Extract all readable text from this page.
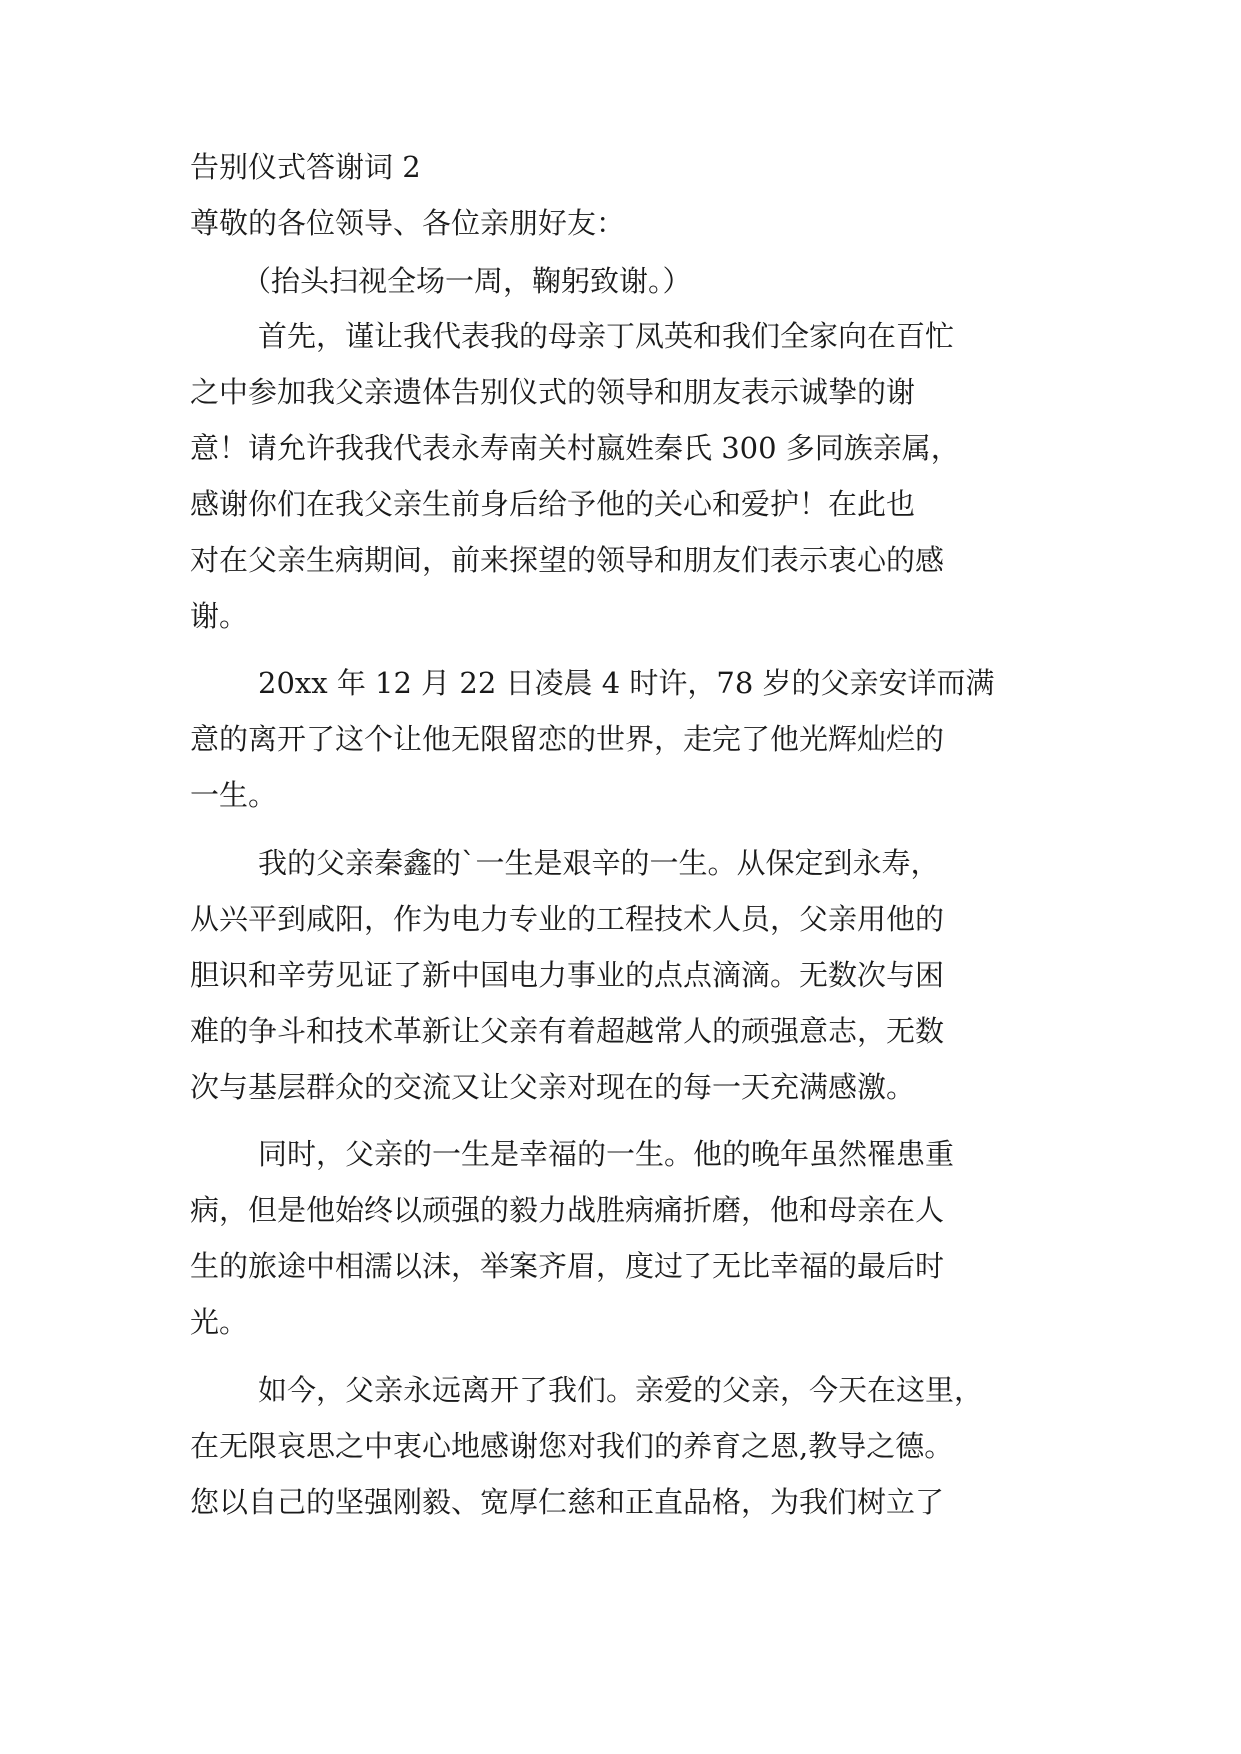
告别仪式答谢词 2
尊敬的各位领导、各位亲朋好友：
（抬头扫视全场一周，鞠躬致谢。）
首先，谨让我代表我的母亲丁凤英和我们全家向在百忙
之中参加我父亲遗体告别仪式的领导和朋友表示诚挚的谢
意！请允许我我代表永寿南关村嬴姓秦氏 300 多同族亲属，
感谢你们在我父亲生前身后给予他的关心和爱护！在此也
对在父亲生病期间，前来探望的领导和朋友们表示衷心的感
谢。
20xx 年 12 月 22 日凌晨 4 时许，78 岁的父亲安详而满
意的离开了这个让他无限留恋的世界，走完了他光辉灿烂的
一生。
我的父亲秦鑫的`一生是艰辛的一生。从保定到永寿，
从兴平到咸阳，作为电力专业的工程技术人员，父亲用他的
胆识和辛劳见证了新中国电力事业的点点滴滴。无数次与困
难的争斗和技术革新让父亲有着超越常人的顽强意志，无数
次与基层群众的交流又让父亲对现在的每一天充满感激。
同时，父亲的一生是幸福的一生。他的晚年虽然罹患重
病，但是他始终以顽强的毅力战胜病痛折磨，他和母亲在人
生的旅途中相濡以沫，举案齐眉，度过了无比幸福的最后时
光。
如今，父亲永远离开了我们。亲爱的父亲，今天在这里，
在无限哀思之中衷心地感谢您对我们的养育之恩,教导之德。
您以自己的坚强刚毅、宽厚仁慈和正直品格，为我们树立了
